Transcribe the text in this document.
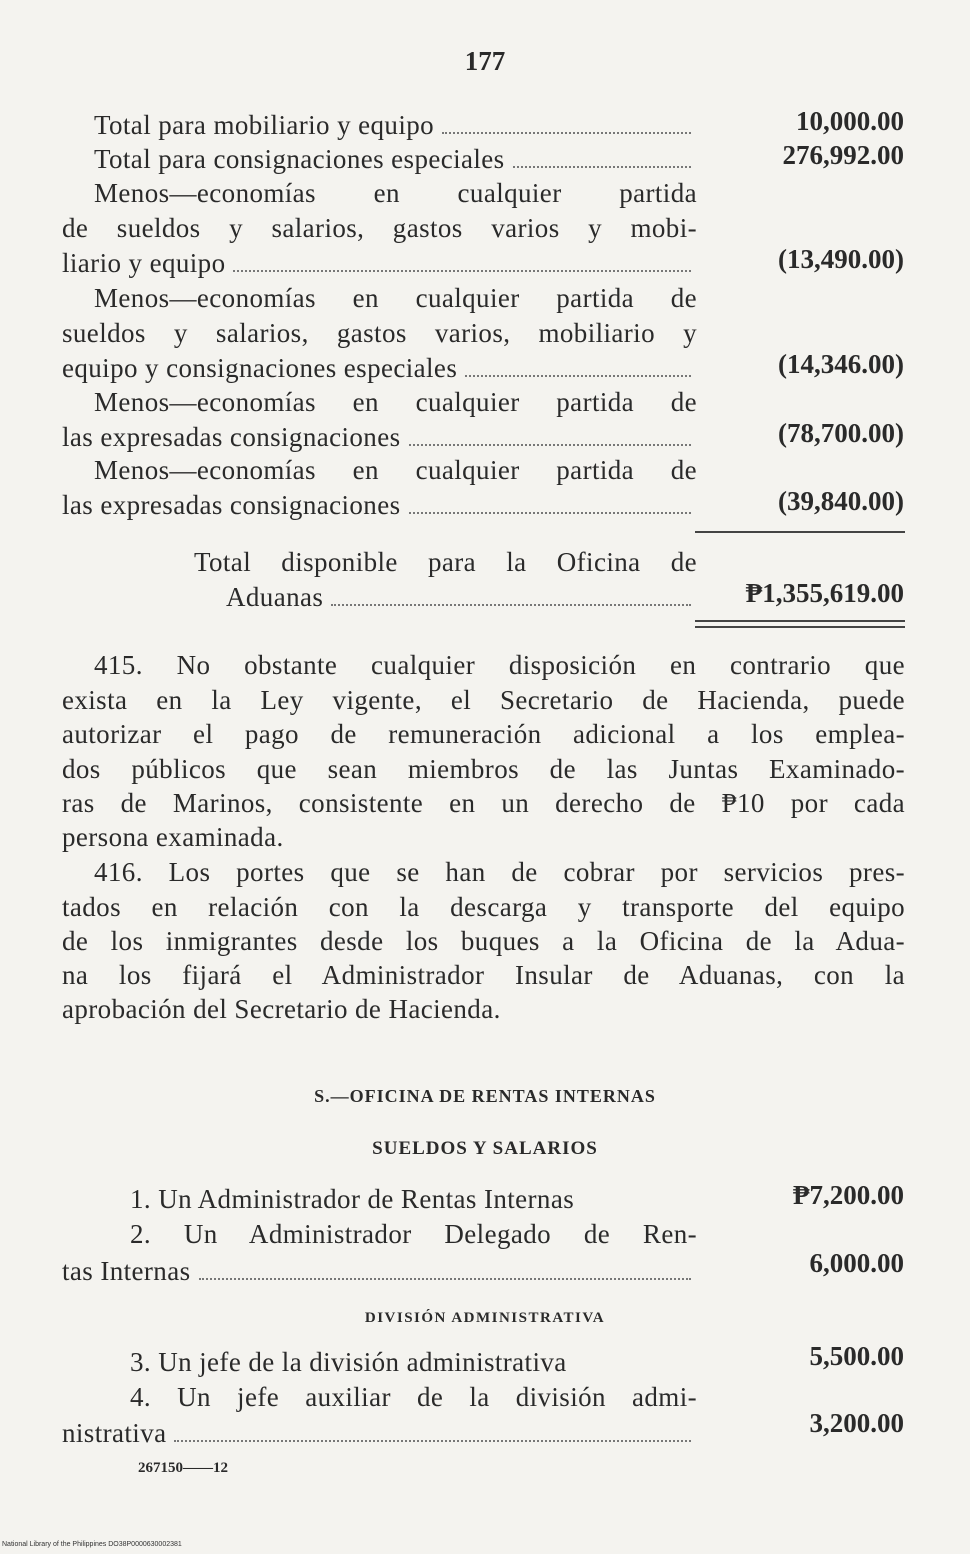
177
Total para mobiliario y equipo	10,000.00
Total para consignaciones especiales	276,992.00
Menos—economías en cualquier partida
de sueldos y salarios, gastos varios y mobi-
liario y equipo	(13,490.00)
Menos—economías en cualquier partida de
sueldos y salarios, gastos varios, mobiliario y
equipo y consignaciones especiales	(14,346.00)
Menos—economías en cualquier partida de
las expresadas consignaciones	(78,700.00)
Menos—economías en cualquier partida de
las expresadas consignaciones	(39,840.00)
Total disponible para la Oficina de
Aduanas	₱1,355,619.00
415. No obstante cualquier disposición en contrario que
exista en la Ley vigente, el Secretario de Hacienda, puede
autorizar el pago de remuneración adicional a los emplea-
dos públicos que sean miembros de las Juntas Examinado-
ras de Marinos, consistente en un derecho de ₱10 por cada
persona examinada.
416. Los portes que se han de cobrar por servicios pres-
tados en relación con la descarga y transporte del equipo
de los inmigrantes desde los buques a la Oficina de la Adua-
na los fijará el Administrador Insular de Aduanas, con la
aprobación del Secretario de Hacienda.
S.—OFICINA DE RENTAS INTERNAS
SUELDOS Y SALARIOS
1. Un Administrador de Rentas Internas	₱7,200.00
2. Un Administrador Delegado de Ren-
tas Internas	6,000.00
DIVISIÓN ADMINISTRATIVA
3. Un jefe de la división administrativa	5,500.00
4. Un jefe auxiliar de la división admi-
nistrativa	3,200.00
267150——12
National Library of the Philippines DO38P0000630002381
